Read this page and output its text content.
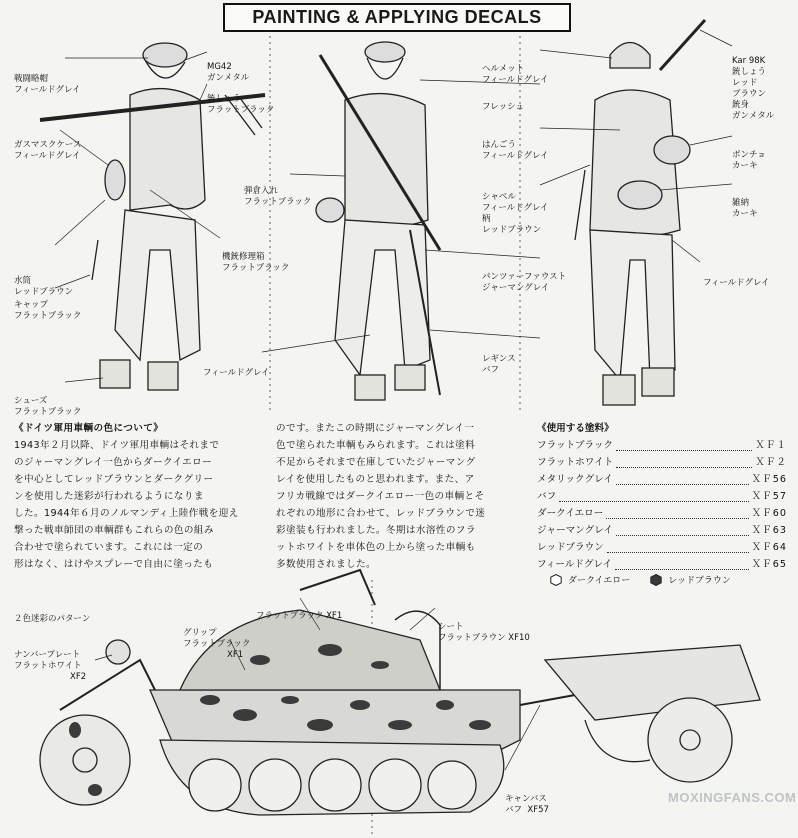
PAINTING & APPLYING DECALS

戦闘略帽
フィールドグレイ

MG42
ガンメタル

銃しょう
フラットブラック

ガスマスクケース
フィールドグレイ

機銃修理箱
フラットブラック

水筒
レッドブラウン

キャップ
フラットブラック

シューズ
フラットブラック

弾倉入れ
フラットブラック

フィールドグレイ

ヘルメット
フィールドグレイ

フレッシュ

はんごう
フィールドグレイ

シャベル
フィールドグレイ
柄
レッドブラウン

パンツァーファウスト
ジャーマングレイ

レギンス
バフ

Kar 98K
銃しょう
レッド
ブラウン
銃身
ガンメタル

ポンチョ
カーキ

雑納
カーキ

フィールドグレイ

《ドイツ軍用車輌の色について》

1943年２月以降、ドイツ軍用車輌はそれまで

のジャーマングレイ一色からダークイエロー

を中心としてレッドブラウンとダークグリー

ンを使用した迷彩が行われるようになりま

した。1944年６月のノルマンディ上陸作戦を迎え

撃った戦車師団の車輌群もこれらの色の組み

合わせで塗られています。これには一定の

形はなく、はけやスプレーで自由に塗ったも

のです。またこの時期にジャーマングレイ一

色で塗られた車輌もみられます。これは塗料

不足からそれまで在庫していたジャーマング

レイを使用したものと思われます。また、ア

フリカ戦線ではダークイエロー一色の車輌とそ

れぞれの地形に合わせて、レッドブラウンで迷

彩塗装も行われました。冬期は水溶性のフラ

ットホワイトを車体色の上から塗った車輌も

多数使用されました。

《使用する塗料》
フラットブラック	ＸＦ１
フラットホワイト	ＸＦ２
メタリックグレイ	ＸＦ56
バフ	ＸＦ57
ダークイエロー	ＸＦ60
ジャーマングレイ	ＸＦ63
レッドブラウン	ＸＦ64
フィールドグレイ	ＸＦ65
ダークイエロー	レッドブラウン

２色迷彩のパターン

ナンバープレート
フラットホワイト
XF2

グリップ
フラットブラック
XF1

フラットブラック XF1

シート
フラットブラウン XF10

キャンバス
バフ  XF57

MOXINGFANS.COM
